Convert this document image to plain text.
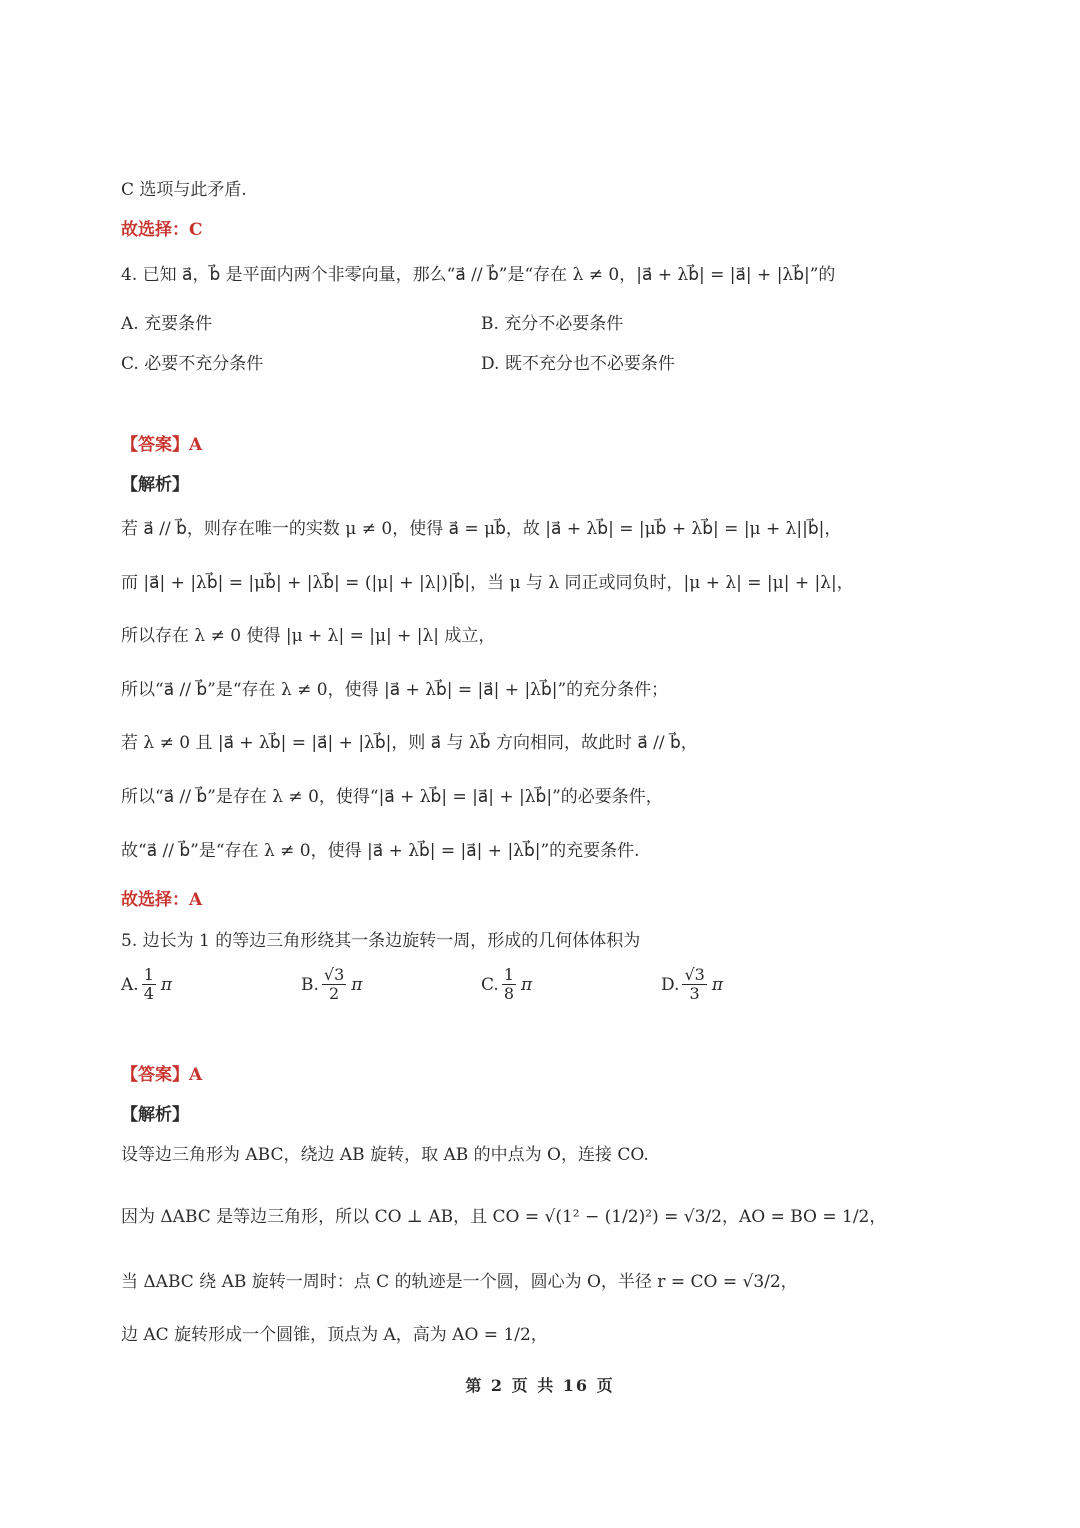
C 选项与此矛盾.
故选择：C
4. 已知 a⃗，b⃗ 是平面内两个非零向量，那么“a⃗ // b⃗”是“存在 λ ≠ 0，|a⃗ + λb⃗| = |a⃗| + |λb⃗|”的
A. 充要条件	B. 充分不必要条件
C. 必要不充分条件	D. 既不充分也不必要条件
【答案】A
【解析】
若 a⃗ // b⃗，则存在唯一的实数 μ ≠ 0，使得 a⃗ = μb⃗，故 |a⃗ + λb⃗| = |μb⃗ + λb⃗| = |μ + λ||b⃗|，
而 |a⃗| + |λb⃗| = |μb⃗| + |λb⃗| = (|μ| + |λ|)|b⃗|，当 μ 与 λ 同正或同负时，|μ + λ| = |μ| + |λ|，
所以存在 λ ≠ 0 使得 |μ + λ| = |μ| + |λ| 成立，
所以“a⃗ // b⃗”是“存在 λ ≠ 0，使得 |a⃗ + λb⃗| = |a⃗| + |λb⃗|”的充分条件；
若 λ ≠ 0 且 |a⃗ + λb⃗| = |a⃗| + |λb⃗|，则 a⃗ 与 λb⃗ 方向相同，故此时 a⃗ // b⃗，
所以“a⃗ // b⃗”是存在 λ ≠ 0，使得“|a⃗ + λb⃗| = |a⃗| + |λb⃗|”的必要条件，
故“a⃗ // b⃗”是“存在 λ ≠ 0，使得 |a⃗ + λb⃗| = |a⃗| + |λb⃗|”的充要条件.
故选择：A
5. 边长为 1 的等边三角形绕其一条边旋转一周，形成的几何体体积为
A. $\frac{1}{4}$ π	B. $\frac{√3}{2}$ π	C. $\frac{1}{8}$ π	D. $\frac{√3}{3}$ π
【答案】A
【解析】
设等边三角形为 ABC，绕边 AB 旋转，取 AB 的中点为 O，连接 CO.
因为 ΔABC 是等边三角形，所以 CO ⊥ AB，且 CO = √(1² − (1/2)²) = √3/2，AO = BO = 1/2，
当 ΔABC 绕 AB 旋转一周时：点 C 的轨迹是一个圆，圆心为 O，半径 r = CO = √3/2，
边 AC 旋转形成一个圆锥，顶点为 A，高为 AO = 1/2，
第 2 页 共 16 页
